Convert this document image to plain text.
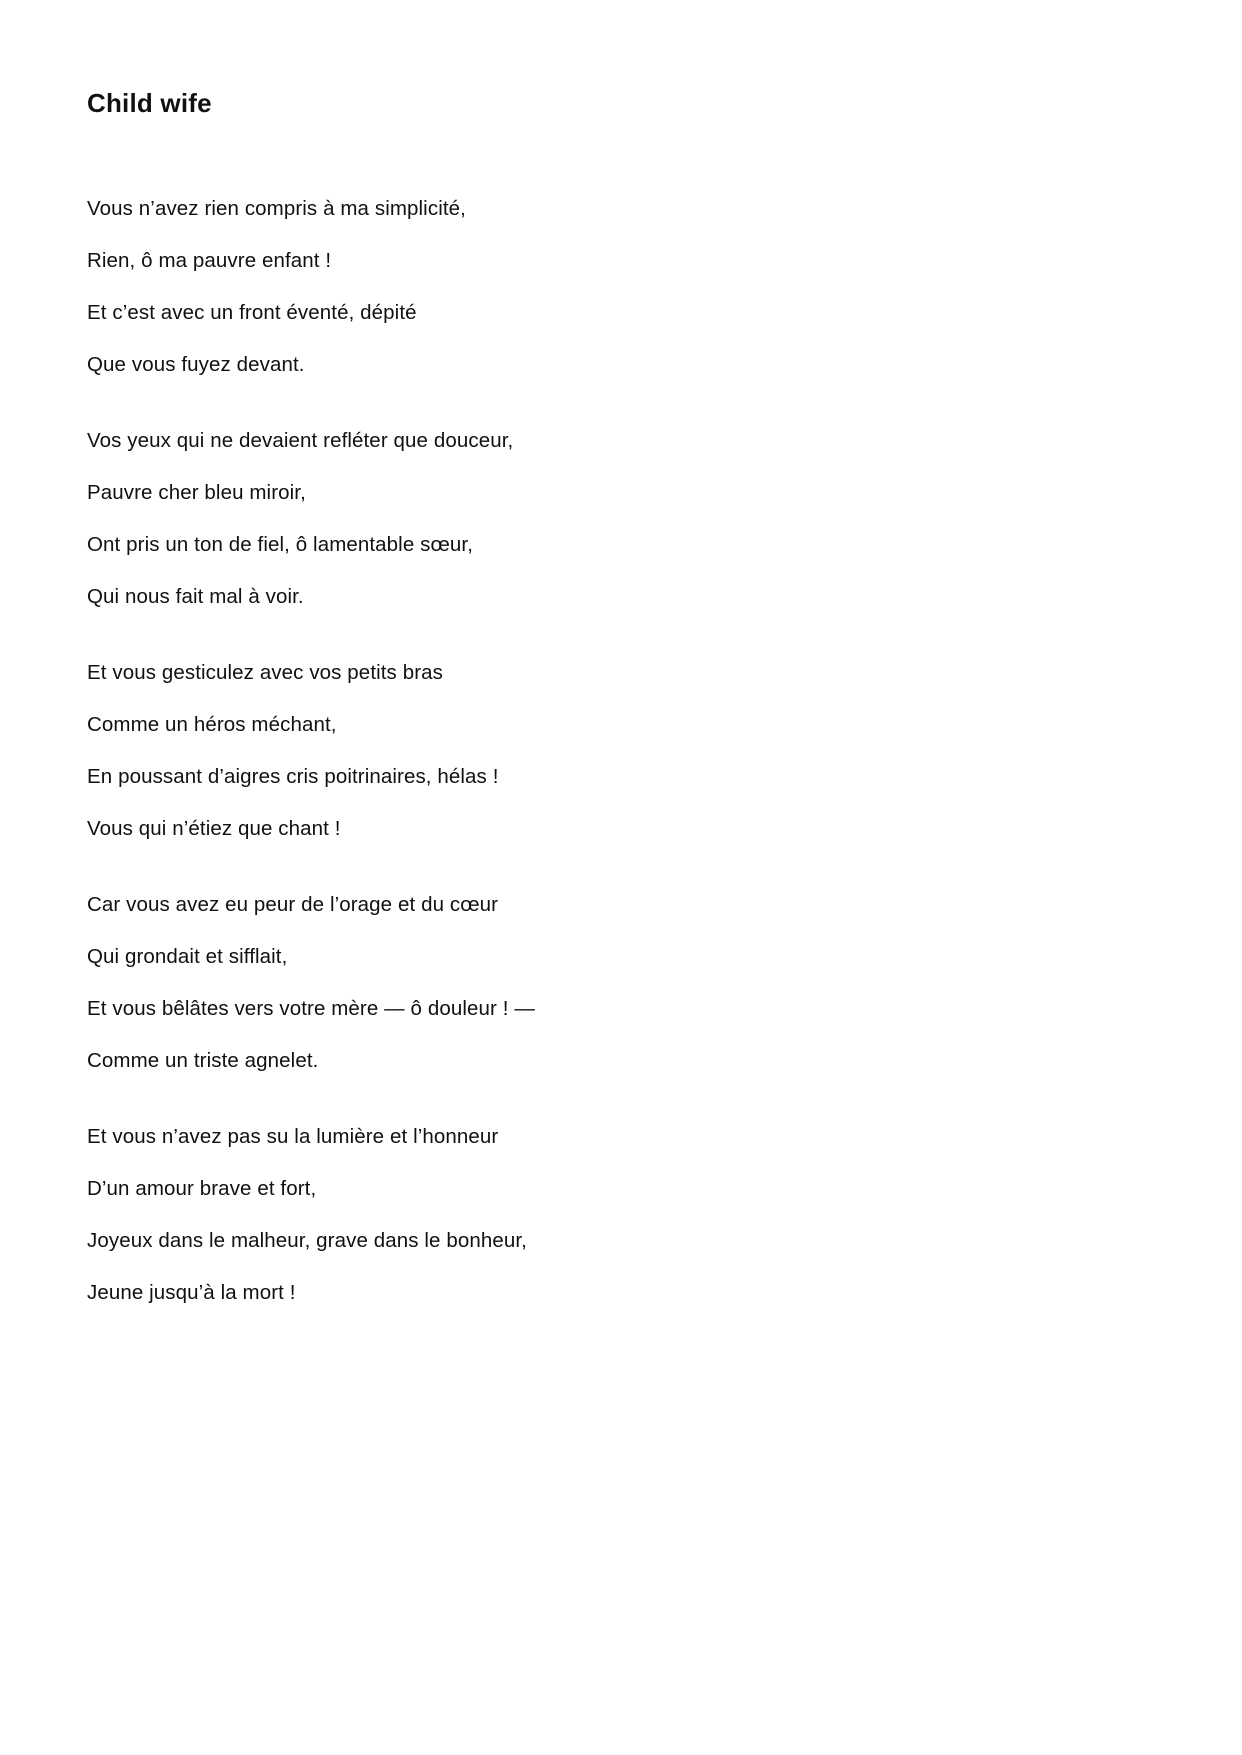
Child wife
Vous n’avez rien compris à ma simplicité,
Rien, ô ma pauvre enfant !
Et c’est avec un front éventé, dépité
Que vous fuyez devant.
Vos yeux qui ne devaient refléter que douceur,
Pauvre cher bleu miroir,
Ont pris un ton de fiel, ô lamentable sœur,
Qui nous fait mal à voir.
Et vous gesticulez avec vos petits bras
Comme un héros méchant,
En poussant d’aigres cris poitrinaires, hélas !
Vous qui n’étiez que chant !
Car vous avez eu peur de l’orage et du cœur
Qui grondait et sifflait,
Et vous bêlâtes vers votre mère — ô douleur ! —
Comme un triste agnelet.
Et vous n’avez pas su la lumière et l’honneur
D’un amour brave et fort,
Joyeux dans le malheur, grave dans le bonheur,
Jeune jusqu’à la mort !
